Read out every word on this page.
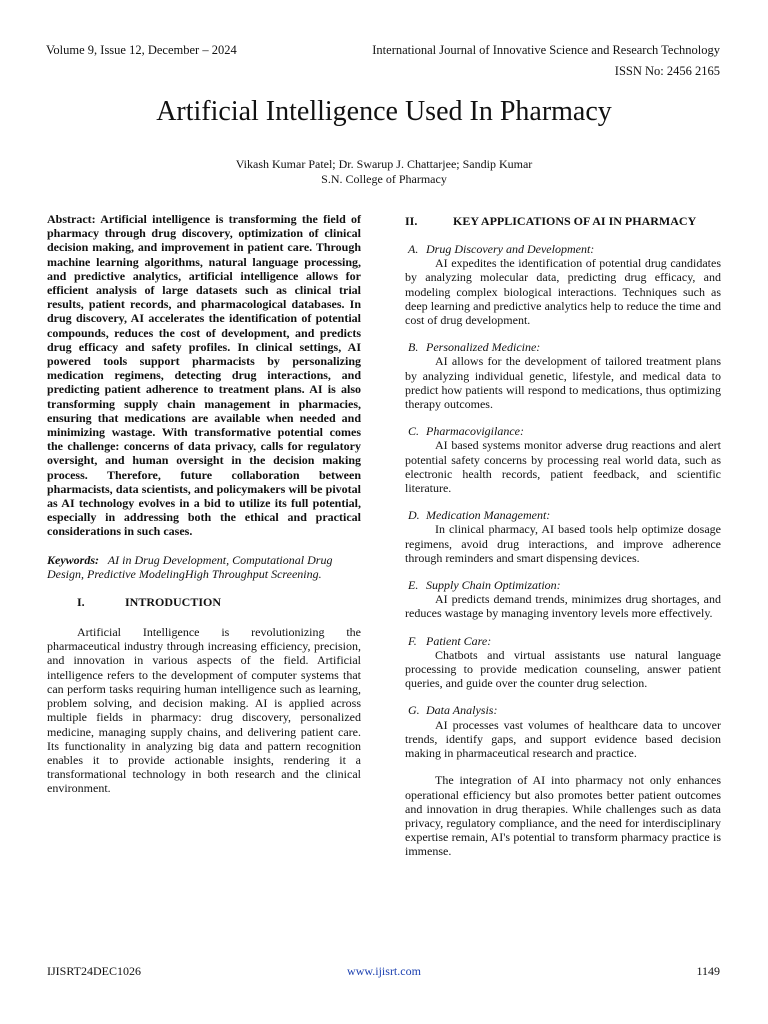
Volume 9, Issue 12, December – 2024	International Journal of Innovative Science and Research Technology
ISSN No: 2456 2165
Artificial Intelligence Used In Pharmacy
Vikash Kumar Patel; Dr. Swarup J. Chattarjee; Sandip Kumar
S.N. College of Pharmacy

Abstract: Artificial intelligence is transforming the field of pharmacy through drug discovery, optimization of clinical decision making, and improvement in patient care. Through machine learning algorithms, natural language processing, and predictive analytics, artificial intelligence allows for efficient analysis of large datasets such as clinical trial results, patient records, and pharmacological databases. In drug discovery, AI accelerates the identification of potential compounds, reduces the cost of development, and predicts drug efficacy and safety profiles. In clinical settings, AI powered tools support pharmacists by personalizing medication regimens, detecting drug interactions, and predicting patient adherence to treatment plans. AI is also transforming supply chain management in pharmacies, ensuring that medications are available when needed and minimizing wastage. With transformative potential comes the challenge: concerns of data privacy, calls for regulatory oversight, and human oversight in the decision making process. Therefore, future collaboration between pharmacists, data scientists, and policymakers will be pivotal as AI technology evolves in a bid to utilize its full potential, especially in addressing both the ethical and practical considerations in such cases.

Keywords: AI in Drug Development, Computational Drug Design, Predictive ModelingHigh Throughput Screening.

I.	INTRODUCTION

Artificial Intelligence is revolutionizing the pharmaceutical industry through increasing efficiency, precision, and innovation in various aspects of the field. Artificial intelligence refers to the development of computer systems that can perform tasks requiring human intelligence such as learning, problem solving, and decision making. AI is applied across multiple fields in pharmacy: drug discovery, personalized medicine, managing supply chains, and delivering patient care. Its functionality in analyzing big data and pattern recognition enables it to provide actionable insights, rendering it a transformational technology in both research and the clinical environment.

II.	KEY APPLICATIONS OF AI IN PHARMACY
A. Drug Discovery and Development:

AI expedites the identification of potential drug candidates by analyzing molecular data, predicting drug efficacy, and modeling complex biological interactions. Techniques such as deep learning and predictive analytics help to reduce the time and cost of drug development.

B. Personalized Medicine:

AI allows for the development of tailored treatment plans by analyzing individual genetic, lifestyle, and medical data to predict how patients will respond to medications, thus optimizing therapy outcomes.

C. Pharmacovigilance:

AI based systems monitor adverse drug reactions and alert potential safety concerns by processing real world data, such as electronic health records, patient feedback, and scientific literature.

D. Medication Management:

In clinical pharmacy, AI based tools help optimize dosage regimens, avoid drug interactions, and improve adherence through reminders and smart dispensing devices.

E. Supply Chain Optimization:

AI predicts demand trends, minimizes drug shortages, and reduces wastage by managing inventory levels more effectively.

F. Patient Care:

Chatbots and virtual assistants use natural language processing to provide medication counseling, answer patient queries, and guide over the counter drug selection.

G. Data Analysis:

AI processes vast volumes of healthcare data to uncover trends, identify gaps, and support evidence based decision making in pharmaceutical research and practice.

The integration of AI into pharmacy not only enhances operational efficiency but also promotes better patient outcomes and innovation in drug therapies. While challenges such as data privacy, regulatory compliance, and the need for interdisciplinary expertise remain, AI's potential to transform pharmacy practice is immense.

IJISRT24DEC1026	www.ijisrt.com	1149
